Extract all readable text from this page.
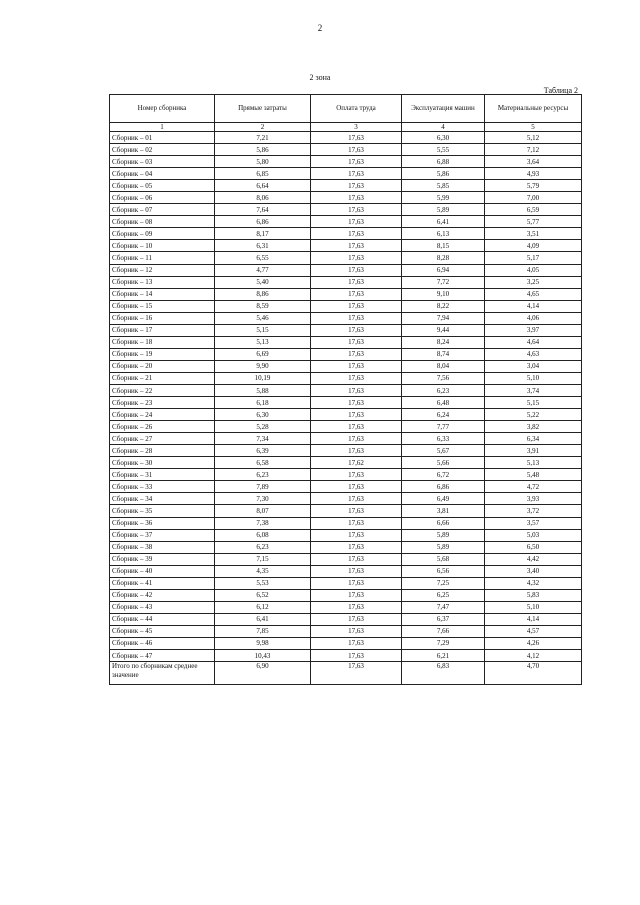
2
2 зона
Таблица 2
Номер сборника	Прямые затраты	Оплата труда	Эксплуатация машин	Материальные ресурсы
1	2	3	4	5
Сборник – 01	7,21	17,63	6,30	5,12
Сборник – 02	5,86	17,63	5,55	7,12
Сборник – 03	5,80	17,63	6,88	3,64
Сборник – 04	6,85	17,63	5,86	4,93
Сборник – 05	6,64	17,63	5,85	5,79
Сборник – 06	8,06	17,63	5,99	7,00
Сборник – 07	7,64	17,63	5,89	6,59
Сборник – 08	6,86	17,63	6,41	5,77
Сборник – 09	8,17	17,63	6,13	3,51
Сборник – 10	6,31	17,63	8,15	4,09
Сборник – 11	6,55	17,63	8,28	5,17
Сборник – 12	4,77	17,63	6,94	4,05
Сборник – 13	5,40	17,63	7,72	3,25
Сборник – 14	8,86	17,63	9,10	4,65
Сборник – 15	8,59	17,63	8,22	4,14
Сборник – 16	5,46	17,63	7,94	4,06
Сборник – 17	5,15	17,63	9,44	3,97
Сборник – 18	5,13	17,63	8,24	4,64
Сборник – 19	6,69	17,63	8,74	4,63
Сборник – 20	9,90	17,63	8,04	3,04
Сборник – 21	10,19	17,63	7,56	5,10
Сборник – 22	5,88	17,63	6,23	3,74
Сборник – 23	6,18	17,63	6,48	5,15
Сборник – 24	6,30	17,63	6,24	5,22
Сборник – 26	5,28	17,63	7,77	3,82
Сборник – 27	7,34	17,63	6,33	6,34
Сборник – 28	6,39	17,63	5,67	3,91
Сборник – 30	6,58	17,62	5,66	5,13
Сборник – 31	6,23	17,63	6,72	5,48
Сборник – 33	7,89	17,63	6,86	4,72
Сборник – 34	7,30	17,63	6,49	3,93
Сборник – 35	8,07	17,63	3,81	3,72
Сборник – 36	7,38	17,63	6,66	3,57
Сборник – 37	6,08	17,63	5,89	5,03
Сборник – 38	6,23	17,63	5,89	6,50
Сборник – 39	7,15	17,63	5,68	4,42
Сборник – 40	4,35	17,63	6,56	3,40
Сборник – 41	5,53	17,63	7,25	4,32
Сборник – 42	6,52	17,63	6,25	5,83
Сборник – 43	6,12	17,63	7,47	5,10
Сборник – 44	6,41	17,63	6,37	4,14
Сборник – 45	7,85	17,63	7,66	4,57
Сборник – 46	9,98	17,63	7,29	4,26
Сборник – 47	10,43	17,63	6,21	4,12
Итого по сборникам среднее значение	6,90	17,63	6,83	4,70
